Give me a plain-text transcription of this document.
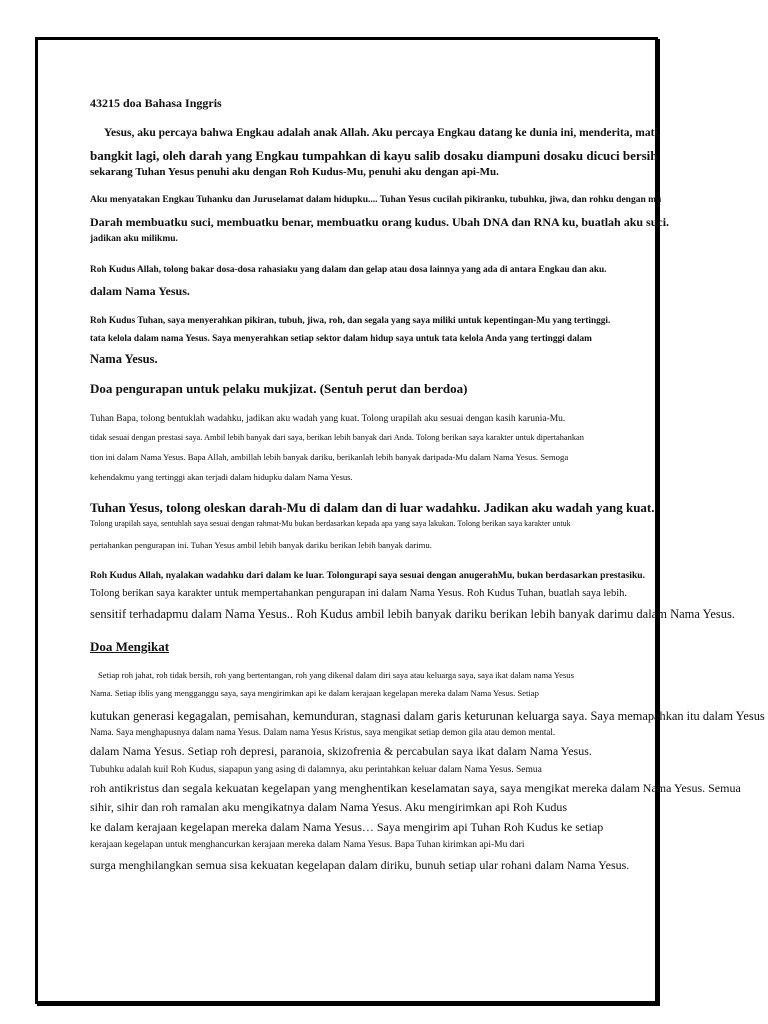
43215 doa Bahasa Inggris
Yesus, aku percaya bahwa Engkau adalah anak Allah. Aku percaya Engkau datang ke dunia ini, menderita, mati,
bangkit lagi, oleh darah yang Engkau tumpahkan di kayu salib dosaku diampuni dosaku dicuci bersih
sekarang Tuhan Yesus penuhi aku dengan Roh Kudus-Mu, penuhi aku dengan api-Mu.
Aku menyatakan Engkau Tuhanku dan Juruselamat dalam hidupku.... Tuhan Yesus cucilah pikiranku, tubuhku, jiwa, dan rohku dengan mu
Darah membuatku suci, membuatku benar, membuatku orang kudus. Ubah DNA dan RNA ku, buatlah aku suci.
jadikan aku milikmu.
Roh Kudus Allah, tolong bakar dosa-dosa rahasiaku yang dalam dan gelap atau dosa lainnya yang ada di antara Engkau dan aku.
dalam Nama Yesus.
Roh Kudus Tuhan, saya menyerahkan pikiran, tubuh, jiwa, roh, dan segala yang saya miliki untuk kepentingan-Mu yang tertinggi.
tata kelola dalam nama Yesus. Saya menyerahkan setiap sektor dalam hidup saya untuk tata kelola Anda yang tertinggi dalam
Nama Yesus.
Doa pengurapan untuk pelaku mukjizat. (Sentuh perut dan berdoa)
Tuhan Bapa, tolong bentuklah wadahku, jadikan aku wadah yang kuat. Tolong urapilah aku sesuai dengan kasih karunia-Mu.
tidak sesuai dengan prestasi saya. Ambil lebih banyak dari saya, berikan lebih banyak dari Anda. Tolong berikan saya karakter untuk dipertahankan
tion ini dalam Nama Yesus. Bapa Allah, ambillah lebih banyak dariku, berikanlah lebih banyak daripada-Mu dalam Nama Yesus. Semoga
kehendakmu yang tertinggi akan terjadi dalam hidupku dalam Nama Yesus.
Tuhan Yesus, tolong oleskan darah-Mu di dalam dan di luar wadahku. Jadikan aku wadah yang kuat.
Tolong urapilah saya, sentuhlah saya sesuai dengan rahmat-Mu bukan berdasarkan kepada apa yang saya lakukan. Tolong berikan saya karakter untuk
pertahankan pengurapan ini. Tuhan Yesus ambil lebih banyak dariku berikan lebih banyak darimu.
Roh Kudus Allah, nyalakan wadahku dari dalam ke luar. Tolongurapi saya sesuai dengan anugerahMu, bukan berdasarkan prestasiku.
Tolong berikan saya karakter untuk mempertahankan pengurapan ini dalam Nama Yesus. Roh Kudus Tuhan, buatlah saya lebih.
sensitif terhadapmu dalam Nama Yesus.. Roh Kudus ambil lebih banyak dariku berikan lebih banyak darimu dalam Nama Yesus.
Doa Mengikat
Setiap roh jahat, roh tidak bersih, roh yang bertentangan, roh yang dikenal dalam diri saya atau keluarga saya, saya ikat dalam nama Yesus
Nama. Setiap iblis yang mengganggu saya, saya mengirimkan api ke dalam kerajaan kegelapan mereka dalam Nama Yesus. Setiap
kutukan generasi kegagalan, pemisahan, kemunduran, stagnasi dalam garis keturunan keluarga saya. Saya memapahkan itu dalam Yesus
Nama. Saya menghapusnya dalam nama Yesus. Dalam nama Yesus Kristus, saya mengikat setiap demon gila atau demon mental.
dalam Nama Yesus. Setiap roh depresi, paranoia, skizofrenia & percabulan saya ikat dalam Nama Yesus.
Tubuhku adalah kuil Roh Kudus, siapapun yang asing di dalamnya, aku perintahkan keluar dalam Nama Yesus. Semua
roh antikristus dan segala kekuatan kegelapan yang menghentikan keselamatan saya, saya mengikat mereka dalam Nama Yesus. Semua
sihir, sihir dan roh ramalan aku mengikatnya dalam Nama Yesus. Aku mengirimkan api Roh Kudus
ke dalam kerajaan kegelapan mereka dalam Nama Yesus… Saya mengirim api Tuhan Roh Kudus ke setiap
kerajaan kegelapan untuk menghancurkan kerajaan mereka dalam Nama Yesus. Bapa Tuhan kirimkan api-Mu dari
surga menghilangkan semua sisa kekuatan kegelapan dalam diriku, bunuh setiap ular rohani dalam Nama Yesus.
